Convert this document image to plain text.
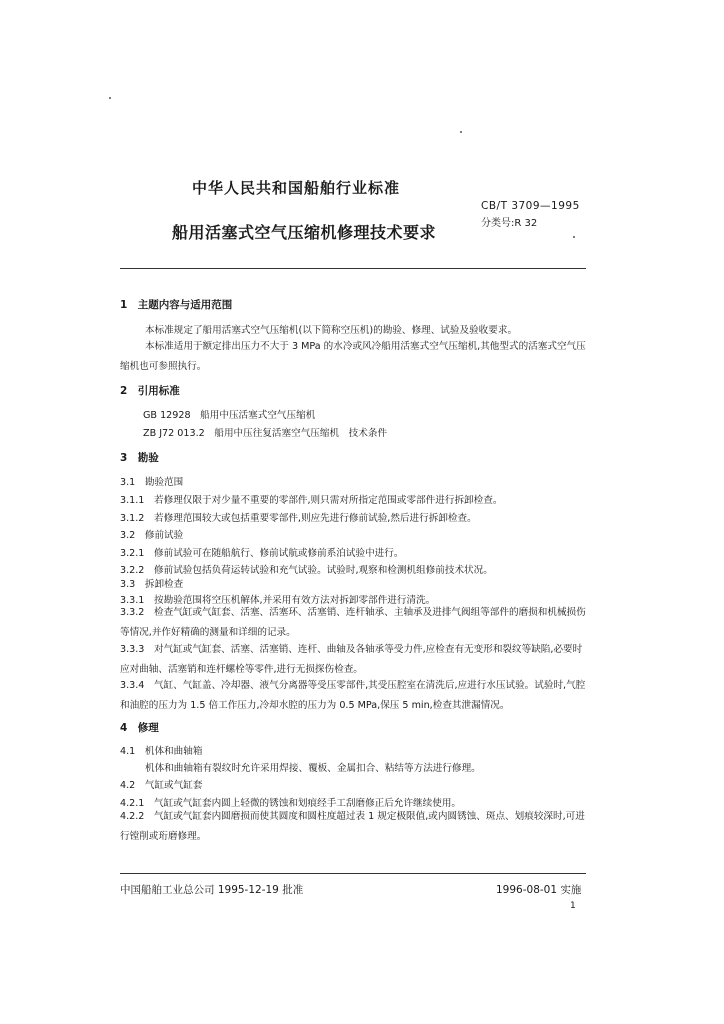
中华人民共和国船舶行业标准
CB/T 3709—1995
分类号:R 32
船用活塞式空气压缩机修理技术要求
1　主题内容与适用范围
本标准规定了船用活塞式空气压缩机(以下简称空压机)的勘验、修理、试验及验收要求。
本标准适用于额定排出压力不大于 3 MPa 的水冷或风冷船用活塞式空气压缩机,其他型式的活塞式空气压缩机也可参照执行。
2　引用标准
GB 12928　船用中压活塞式空气压缩机
ZB J72 013.2　船用中压往复活塞空气压缩机　技术条件
3　勘验
3.1　勘验范围
3.1.1　若修理仅限于对少量不重要的零部件,则只需对所指定范围或零部件进行拆卸检查。
3.1.2　若修理范围较大或包括重要零部件,则应先进行修前试验,然后进行拆卸检查。
3.2　修前试验
3.2.1　修前试验可在随船航行、修前试航或修前系泊试验中进行。
3.2.2　修前试验包括负荷运转试验和充气试验。试验时,观察和检测机组修前技术状况。
3.3　拆卸检查
3.3.1　按勘验范围将空压机解体,并采用有效方法对拆卸零部件进行清洗。
3.3.2　检查气缸或气缸套、活塞、活塞环、活塞销、连杆轴承、主轴承及进排气阀组等部件的磨损和机械损伤等情况,并作好精确的测量和详细的记录。
3.3.3　对气缸或气缸套、活塞、活塞销、连杆、曲轴及各轴承等受力件,应检查有无变形和裂纹等缺陷,必要时应对曲轴、活塞销和连杆螺栓等零件,进行无损探伤检查。
3.3.4　气缸、气缸盖、冷却器、液气分离器等受压零部件,其受压腔室在清洗后,应进行水压试验。试验时,气腔和油腔的压力为 1.5 倍工作压力,冷却水腔的压力为 0.5 MPa,保压 5 min,检查其泄漏情况。
4　修理
4.1　机体和曲轴箱
机体和曲轴箱有裂纹时允许采用焊接、覆板、金属扣合、粘结等方法进行修理。
4.2　气缸或气缸套
4.2.1　气缸或气缸套内圆上轻微的锈蚀和划痕经手工刮磨修正后允许继续使用。
4.2.2　气缸或气缸套内圆磨损而使其圆度和圆柱度超过表 1 规定极限值,或内圆锈蚀、斑点、划痕较深时,可进行镗削或珩磨修理。
中国船舶工业总公司 1995-12-19 批准	1996-08-01 实施
1
